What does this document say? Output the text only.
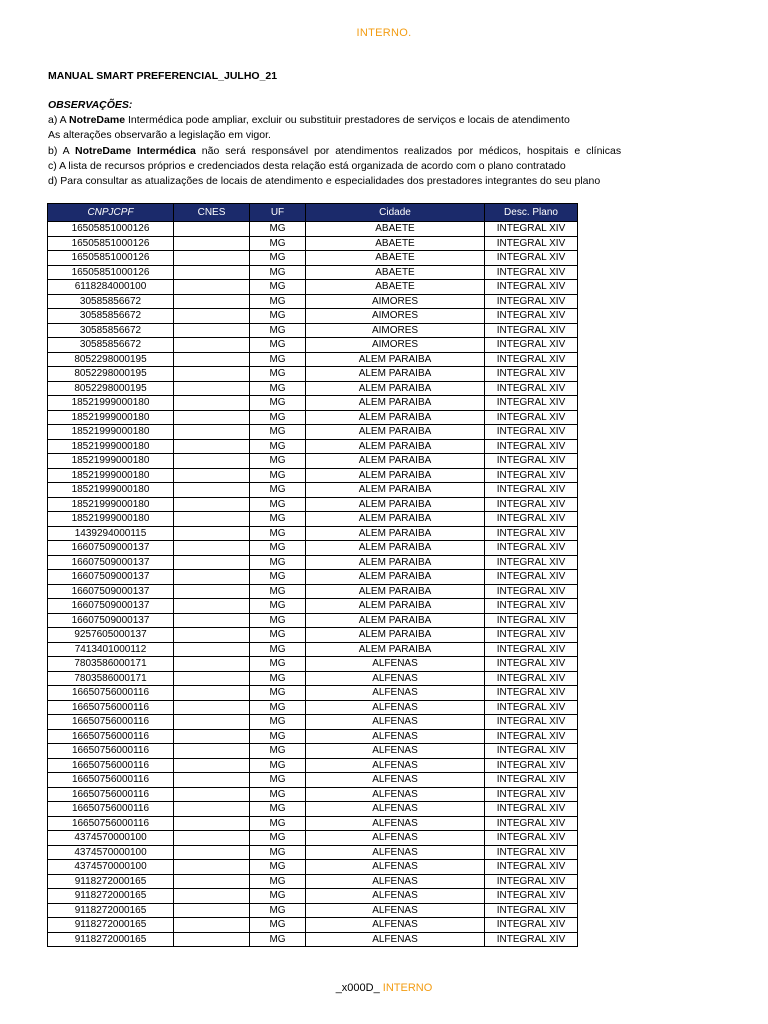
INTERNO.
MANUAL SMART PREFERENCIAL_JULHO_21
OBSERVAÇÕES:
a) A NotreDame Intermédica pode ampliar, excluir ou substituir prestadores de serviços e locais de atendimento
As alterações observarão a legislação em vigor.
b) A NotreDame Intermédica não será responsável por atendimentos realizados por médicos, hospitais e clínicas
c) A lista de recursos próprios e credenciados desta relação está organizada de acordo com o plano contratado
d) Para consultar as atualizações de locais de atendimento e especialidades dos prestadores integrantes do seu plano
CNPJCPF	CNES	UF	Cidade	Desc. Plano
16505851000126		MG	ABAETE	INTEGRAL XIV
16505851000126		MG	ABAETE	INTEGRAL XIV
16505851000126		MG	ABAETE	INTEGRAL XIV
16505851000126		MG	ABAETE	INTEGRAL XIV
6118284000100		MG	ABAETE	INTEGRAL XIV
30585856672		MG	AIMORES	INTEGRAL XIV
30585856672		MG	AIMORES	INTEGRAL XIV
30585856672		MG	AIMORES	INTEGRAL XIV
30585856672		MG	AIMORES	INTEGRAL XIV
8052298000195		MG	ALEM PARAIBA	INTEGRAL XIV
8052298000195		MG	ALEM PARAIBA	INTEGRAL XIV
8052298000195		MG	ALEM PARAIBA	INTEGRAL XIV
18521999000180		MG	ALEM PARAIBA	INTEGRAL XIV
18521999000180		MG	ALEM PARAIBA	INTEGRAL XIV
18521999000180		MG	ALEM PARAIBA	INTEGRAL XIV
18521999000180		MG	ALEM PARAIBA	INTEGRAL XIV
18521999000180		MG	ALEM PARAIBA	INTEGRAL XIV
18521999000180		MG	ALEM PARAIBA	INTEGRAL XIV
18521999000180		MG	ALEM PARAIBA	INTEGRAL XIV
18521999000180		MG	ALEM PARAIBA	INTEGRAL XIV
18521999000180		MG	ALEM PARAIBA	INTEGRAL XIV
1439294000115		MG	ALEM PARAIBA	INTEGRAL XIV
16607509000137		MG	ALEM PARAIBA	INTEGRAL XIV
16607509000137		MG	ALEM PARAIBA	INTEGRAL XIV
16607509000137		MG	ALEM PARAIBA	INTEGRAL XIV
16607509000137		MG	ALEM PARAIBA	INTEGRAL XIV
16607509000137		MG	ALEM PARAIBA	INTEGRAL XIV
16607509000137		MG	ALEM PARAIBA	INTEGRAL XIV
9257605000137		MG	ALEM PARAIBA	INTEGRAL XIV
7413401000112		MG	ALEM PARAIBA	INTEGRAL XIV
7803586000171		MG	ALFENAS	INTEGRAL XIV
7803586000171		MG	ALFENAS	INTEGRAL XIV
16650756000116		MG	ALFENAS	INTEGRAL XIV
16650756000116		MG	ALFENAS	INTEGRAL XIV
16650756000116		MG	ALFENAS	INTEGRAL XIV
16650756000116		MG	ALFENAS	INTEGRAL XIV
16650756000116		MG	ALFENAS	INTEGRAL XIV
16650756000116		MG	ALFENAS	INTEGRAL XIV
16650756000116		MG	ALFENAS	INTEGRAL XIV
16650756000116		MG	ALFENAS	INTEGRAL XIV
16650756000116		MG	ALFENAS	INTEGRAL XIV
16650756000116		MG	ALFENAS	INTEGRAL XIV
4374570000100		MG	ALFENAS	INTEGRAL XIV
4374570000100		MG	ALFENAS	INTEGRAL XIV
4374570000100		MG	ALFENAS	INTEGRAL XIV
9118272000165		MG	ALFENAS	INTEGRAL XIV
9118272000165		MG	ALFENAS	INTEGRAL XIV
9118272000165		MG	ALFENAS	INTEGRAL XIV
9118272000165		MG	ALFENAS	INTEGRAL XIV
9118272000165		MG	ALFENAS	INTEGRAL XIV
_x000D_ INTERNO
